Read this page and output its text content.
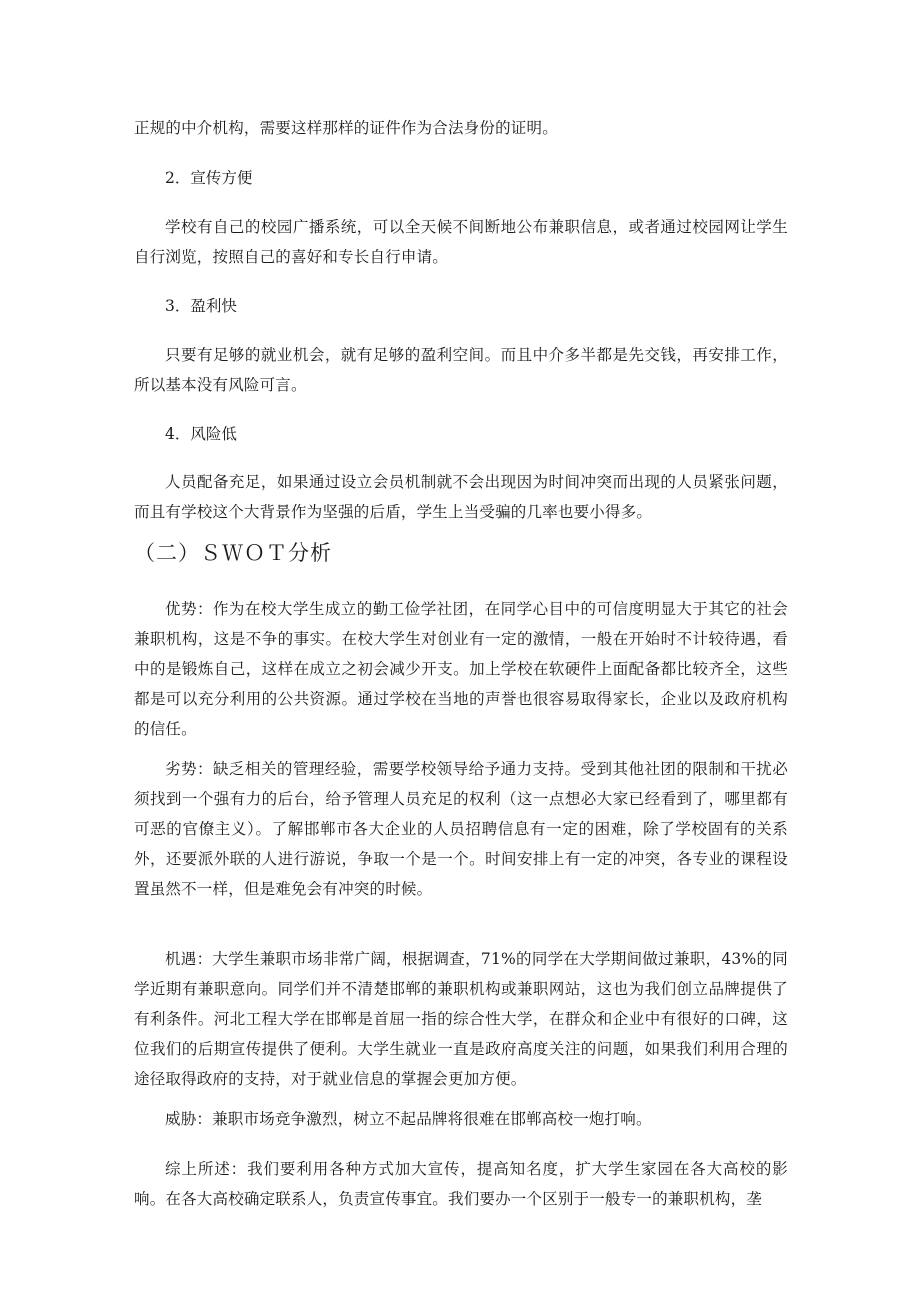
正规的中介机构，需要这样那样的证件作为合法身份的证明。

2．宣传方便

学校有自己的校园广播系统，可以全天候不间断地公布兼职信息，或者通过校园网让学生自行浏览，按照自己的喜好和专长自行申请。

3．盈利快

只要有足够的就业机会，就有足够的盈利空间。而且中介多半都是先交钱，再安排工作，所以基本没有风险可言。

4．风险低

人员配备充足，如果通过设立会员机制就不会出现因为时间冲突而出现的人员紧张问题，而且有学校这个大背景作为坚强的后盾，学生上当受骗的几率也要小得多。

（二）ＳＷＯＴ分析

优势：作为在校大学生成立的勤工俭学社团，在同学心目中的可信度明显大于其它的社会兼职机构，这是不争的事实。在校大学生对创业有一定的激情，一般在开始时不计较待遇，看中的是锻炼自己，这样在成立之初会减少开支。加上学校在软硬件上面配备都比较齐全，这些都是可以充分利用的公共资源。通过学校在当地的声誉也很容易取得家长，企业以及政府机构的信任。

劣势：缺乏相关的管理经验，需要学校领导给予通力支持。受到其他社团的限制和干扰必须找到一个强有力的后台，给予管理人员充足的权利（这一点想必大家已经看到了，哪里都有可恶的官僚主义）。了解邯郸市各大企业的人员招聘信息有一定的困难，除了学校固有的关系外，还要派外联的人进行游说，争取一个是一个。时间安排上有一定的冲突，各专业的课程设置虽然不一样，但是难免会有冲突的时候。

机遇：大学生兼职市场非常广阔，根据调查，71%的同学在大学期间做过兼职，43%的同学近期有兼职意向。同学们并不清楚邯郸的兼职机构或兼职网站，这也为我们创立品牌提供了有利条件。河北工程大学在邯郸是首屈一指的综合性大学，在群众和企业中有很好的口碑，这位我们的后期宣传提供了便利。大学生就业一直是政府高度关注的问题，如果我们利用合理的途径取得政府的支持，对于就业信息的掌握会更加方便。

威胁：兼职市场竞争激烈，树立不起品牌将很难在邯郸高校一炮打响。

综上所述：我们要利用各种方式加大宣传，提高知名度，扩大学生家园在各大高校的影响。在各大高校确定联系人，负责宣传事宜。我们要办一个区别于一般专一的兼职机构，垄
